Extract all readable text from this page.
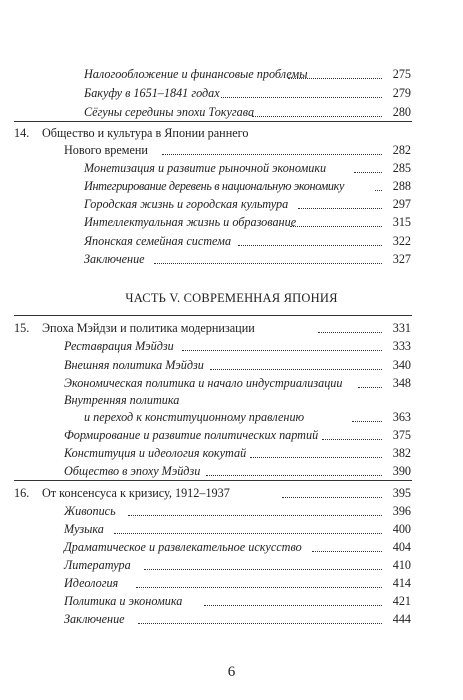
Налогообложение и финансовые проблемы	275
Бакуфу в 1651–1841 годах	279
Сёгуны середины эпохи Токугава	280
14. Общество и культура в Японии раннего
Нового времени	282
Монетизация и развитие рыночной экономики	285
Интегрирование деревень в национальную экономику	288
Городская жизнь и городская культура	297
Интеллектуальная жизнь и образование	315
Японская семейная система	322
Заключение	327
ЧАСТЬ V. СОВРЕМЕННАЯ ЯПОНИЯ
15. Эпоха Мэйдзи и политика модернизации	331
Реставрация Мэйдзи	333
Внешняя политика Мэйдзи	340
Экономическая политика и начало индустриализации	348
Внутренняя политика
и переход к конституционному правлению	363
Формирование и развитие политических партий	375
Конституция и идеология кокутай	382
Общество в эпоху Мэйдзи	390
16. От консенсуса к кризису, 1912–1937	395
Живопись	396
Музыка	400
Драматическое и развлекательное искусство	404
Литература	410
Идеология	414
Политика и экономика	421
Заключение	444
6
